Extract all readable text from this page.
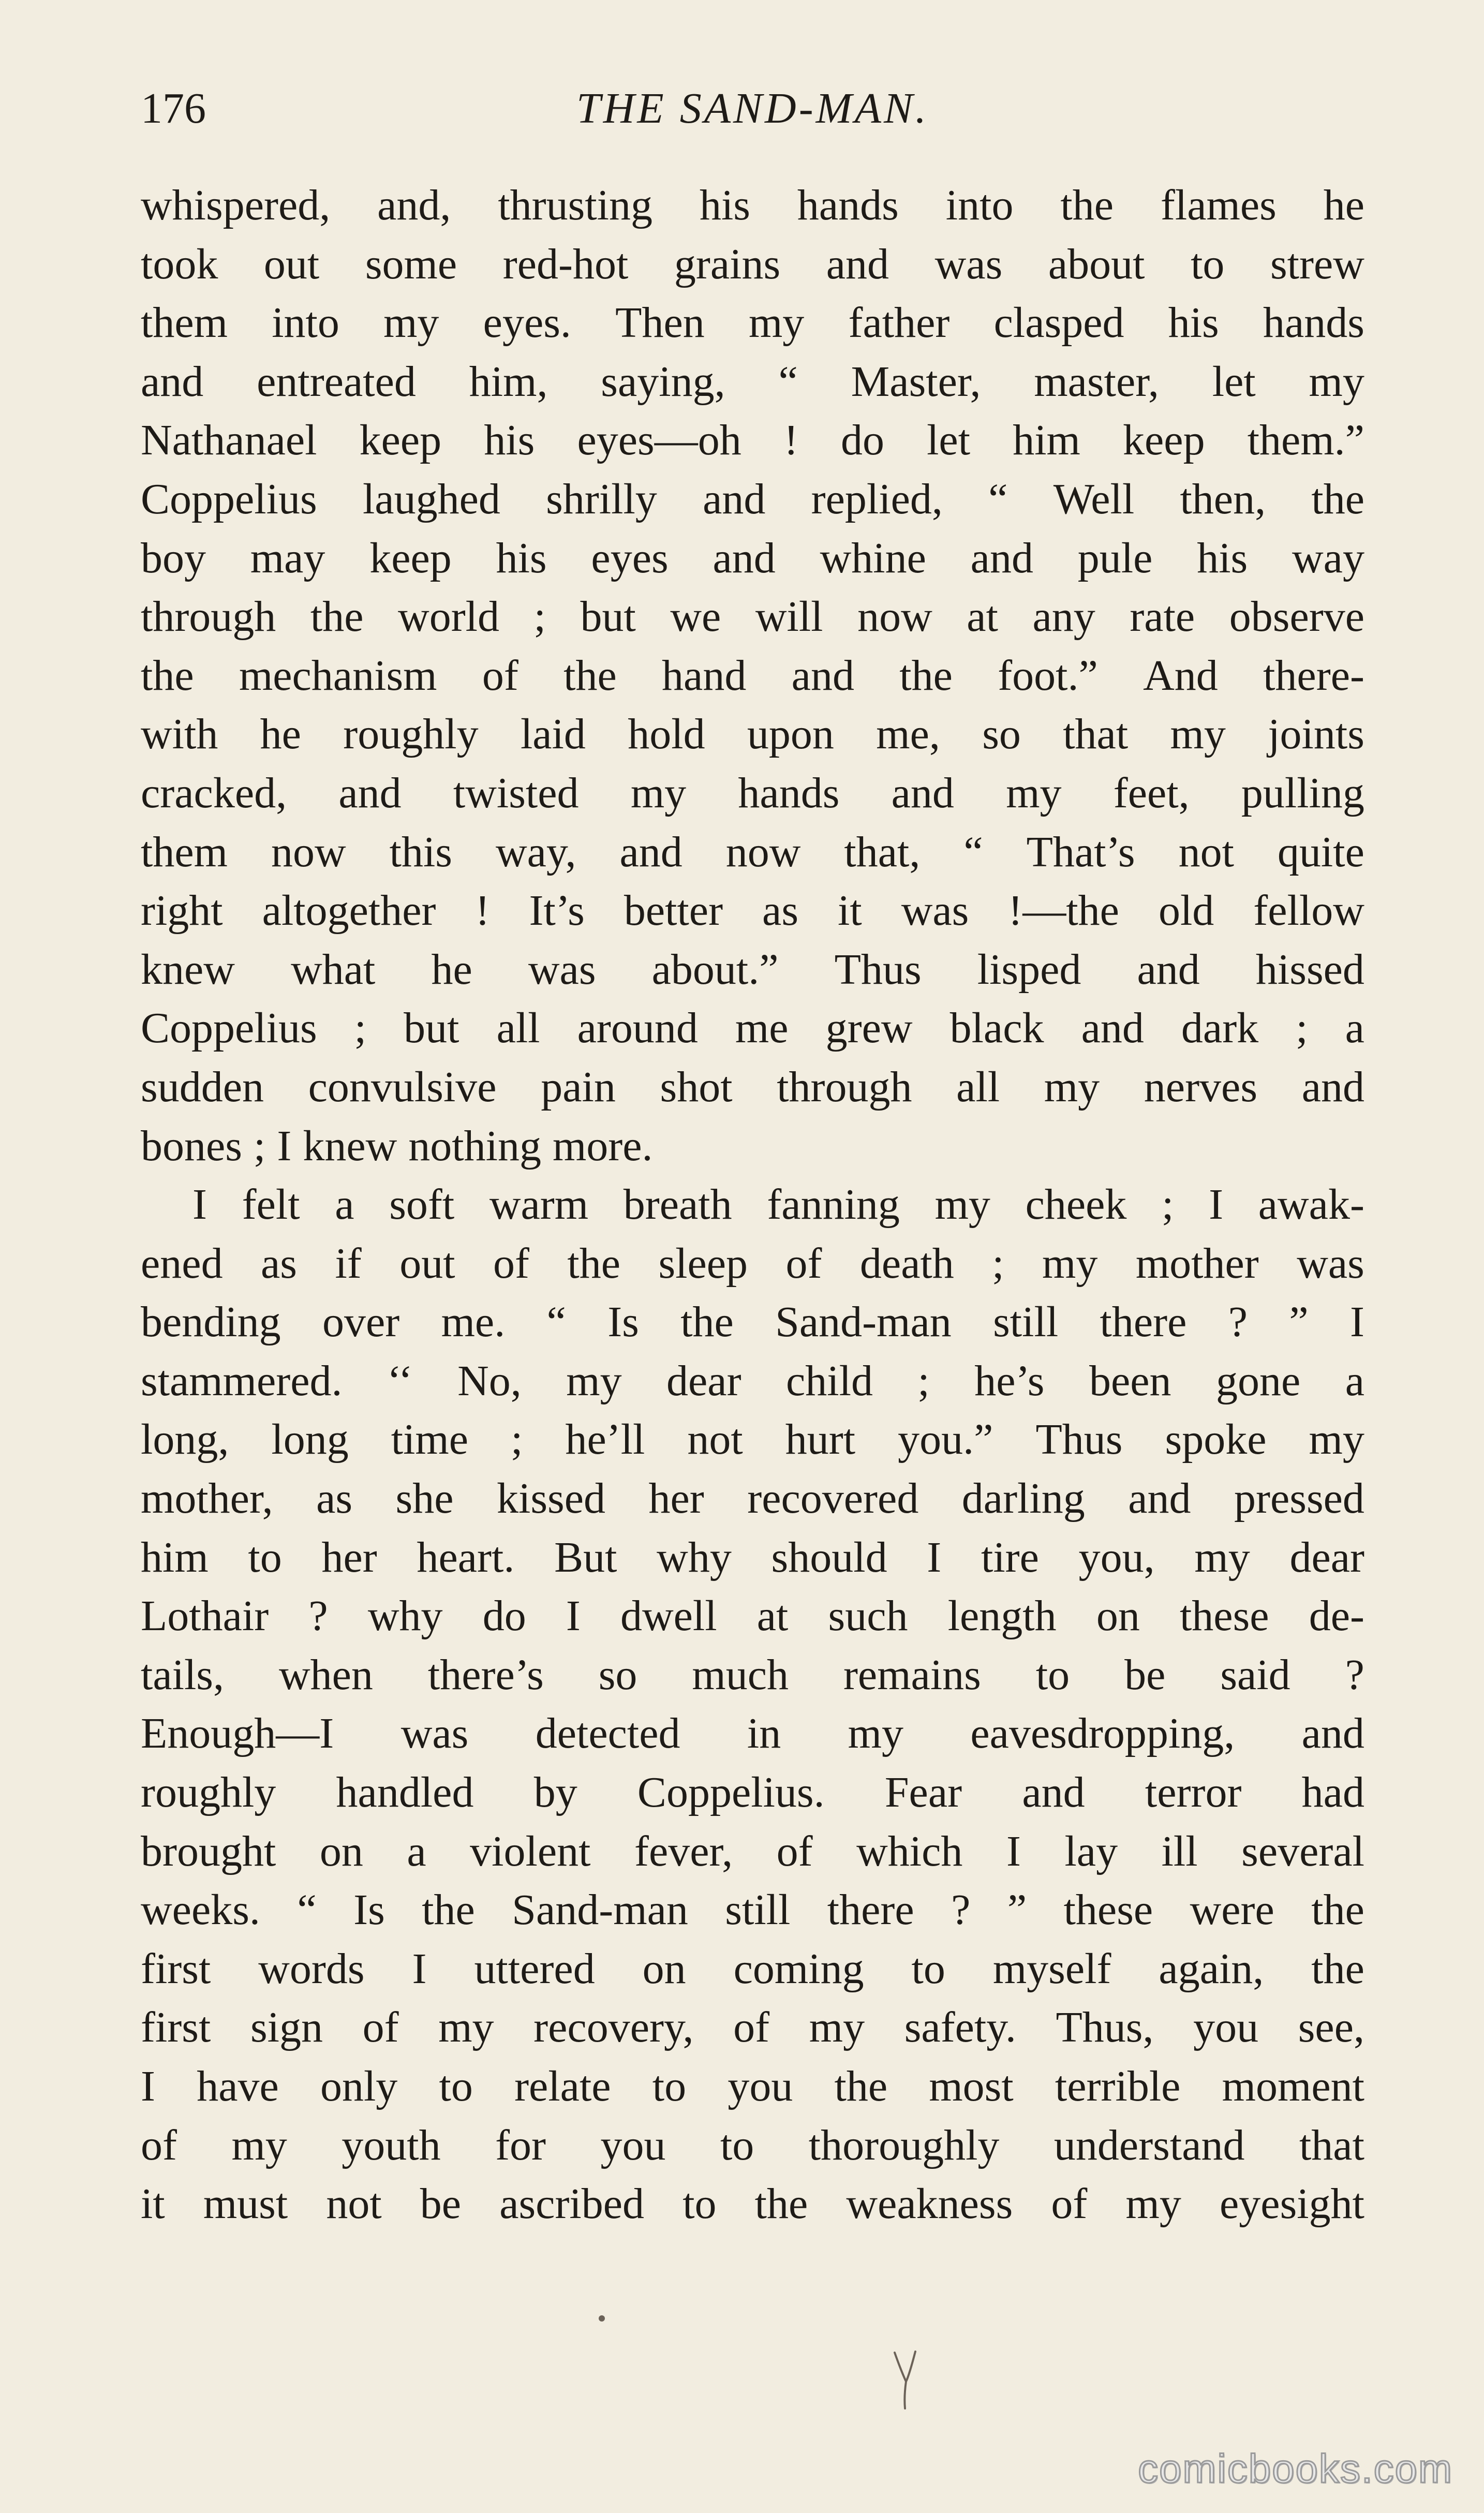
176	THE SAND-MAN.
whispered, and, thrusting his hands into the flames he
took out some red-hot grains and was about to strew
them into my eyes. Then my father clasped his hands
and entreated him, saying, “ Master, master, let my
Nathanael keep his eyes—oh ! do let him keep them.”
Coppelius laughed shrilly and replied, “ Well then, the
boy may keep his eyes and whine and pule his way
through the world ; but we will now at any rate observe
the mechanism of the hand and the foot.” And there-
with he roughly laid hold upon me, so that my joints
cracked, and twisted my hands and my feet, pulling
them now this way, and now that, “ That’s not quite
right altogether ! It’s better as it was !—the old fellow
knew what he was about.” Thus lisped and hissed
Coppelius ; but all around me grew black and dark ; a
sudden convulsive pain shot through all my nerves and
bones ; I knew nothing more.
I felt a soft warm breath fanning my cheek ; I awak-
ened as if out of the sleep of death ; my mother was
bending over me. “ Is the Sand-man still there ? ” I
stammered. ‘‘ No, my dear child ; he’s been gone a
long, long time ; he’ll not hurt you.” Thus spoke my
mother, as she kissed her recovered darling and pressed
him to her heart. But why should I tire you, my dear
Lothair ? why do I dwell at such length on these de-
tails, when there’s so much remains to be said ?
Enough—I was detected in my eavesdropping, and
roughly handled by Coppelius. Fear and terror had
brought on a violent fever, of which I lay ill several
weeks. “ Is the Sand-man still there ? ” these were the
first words I uttered on coming to myself again, the
first sign of my recovery, of my safety. Thus, you see,
I have only to relate to you the most terrible moment
of my youth for you to thoroughly understand that
it must not be ascribed to the weakness of my eyesight
comicbooks.com
